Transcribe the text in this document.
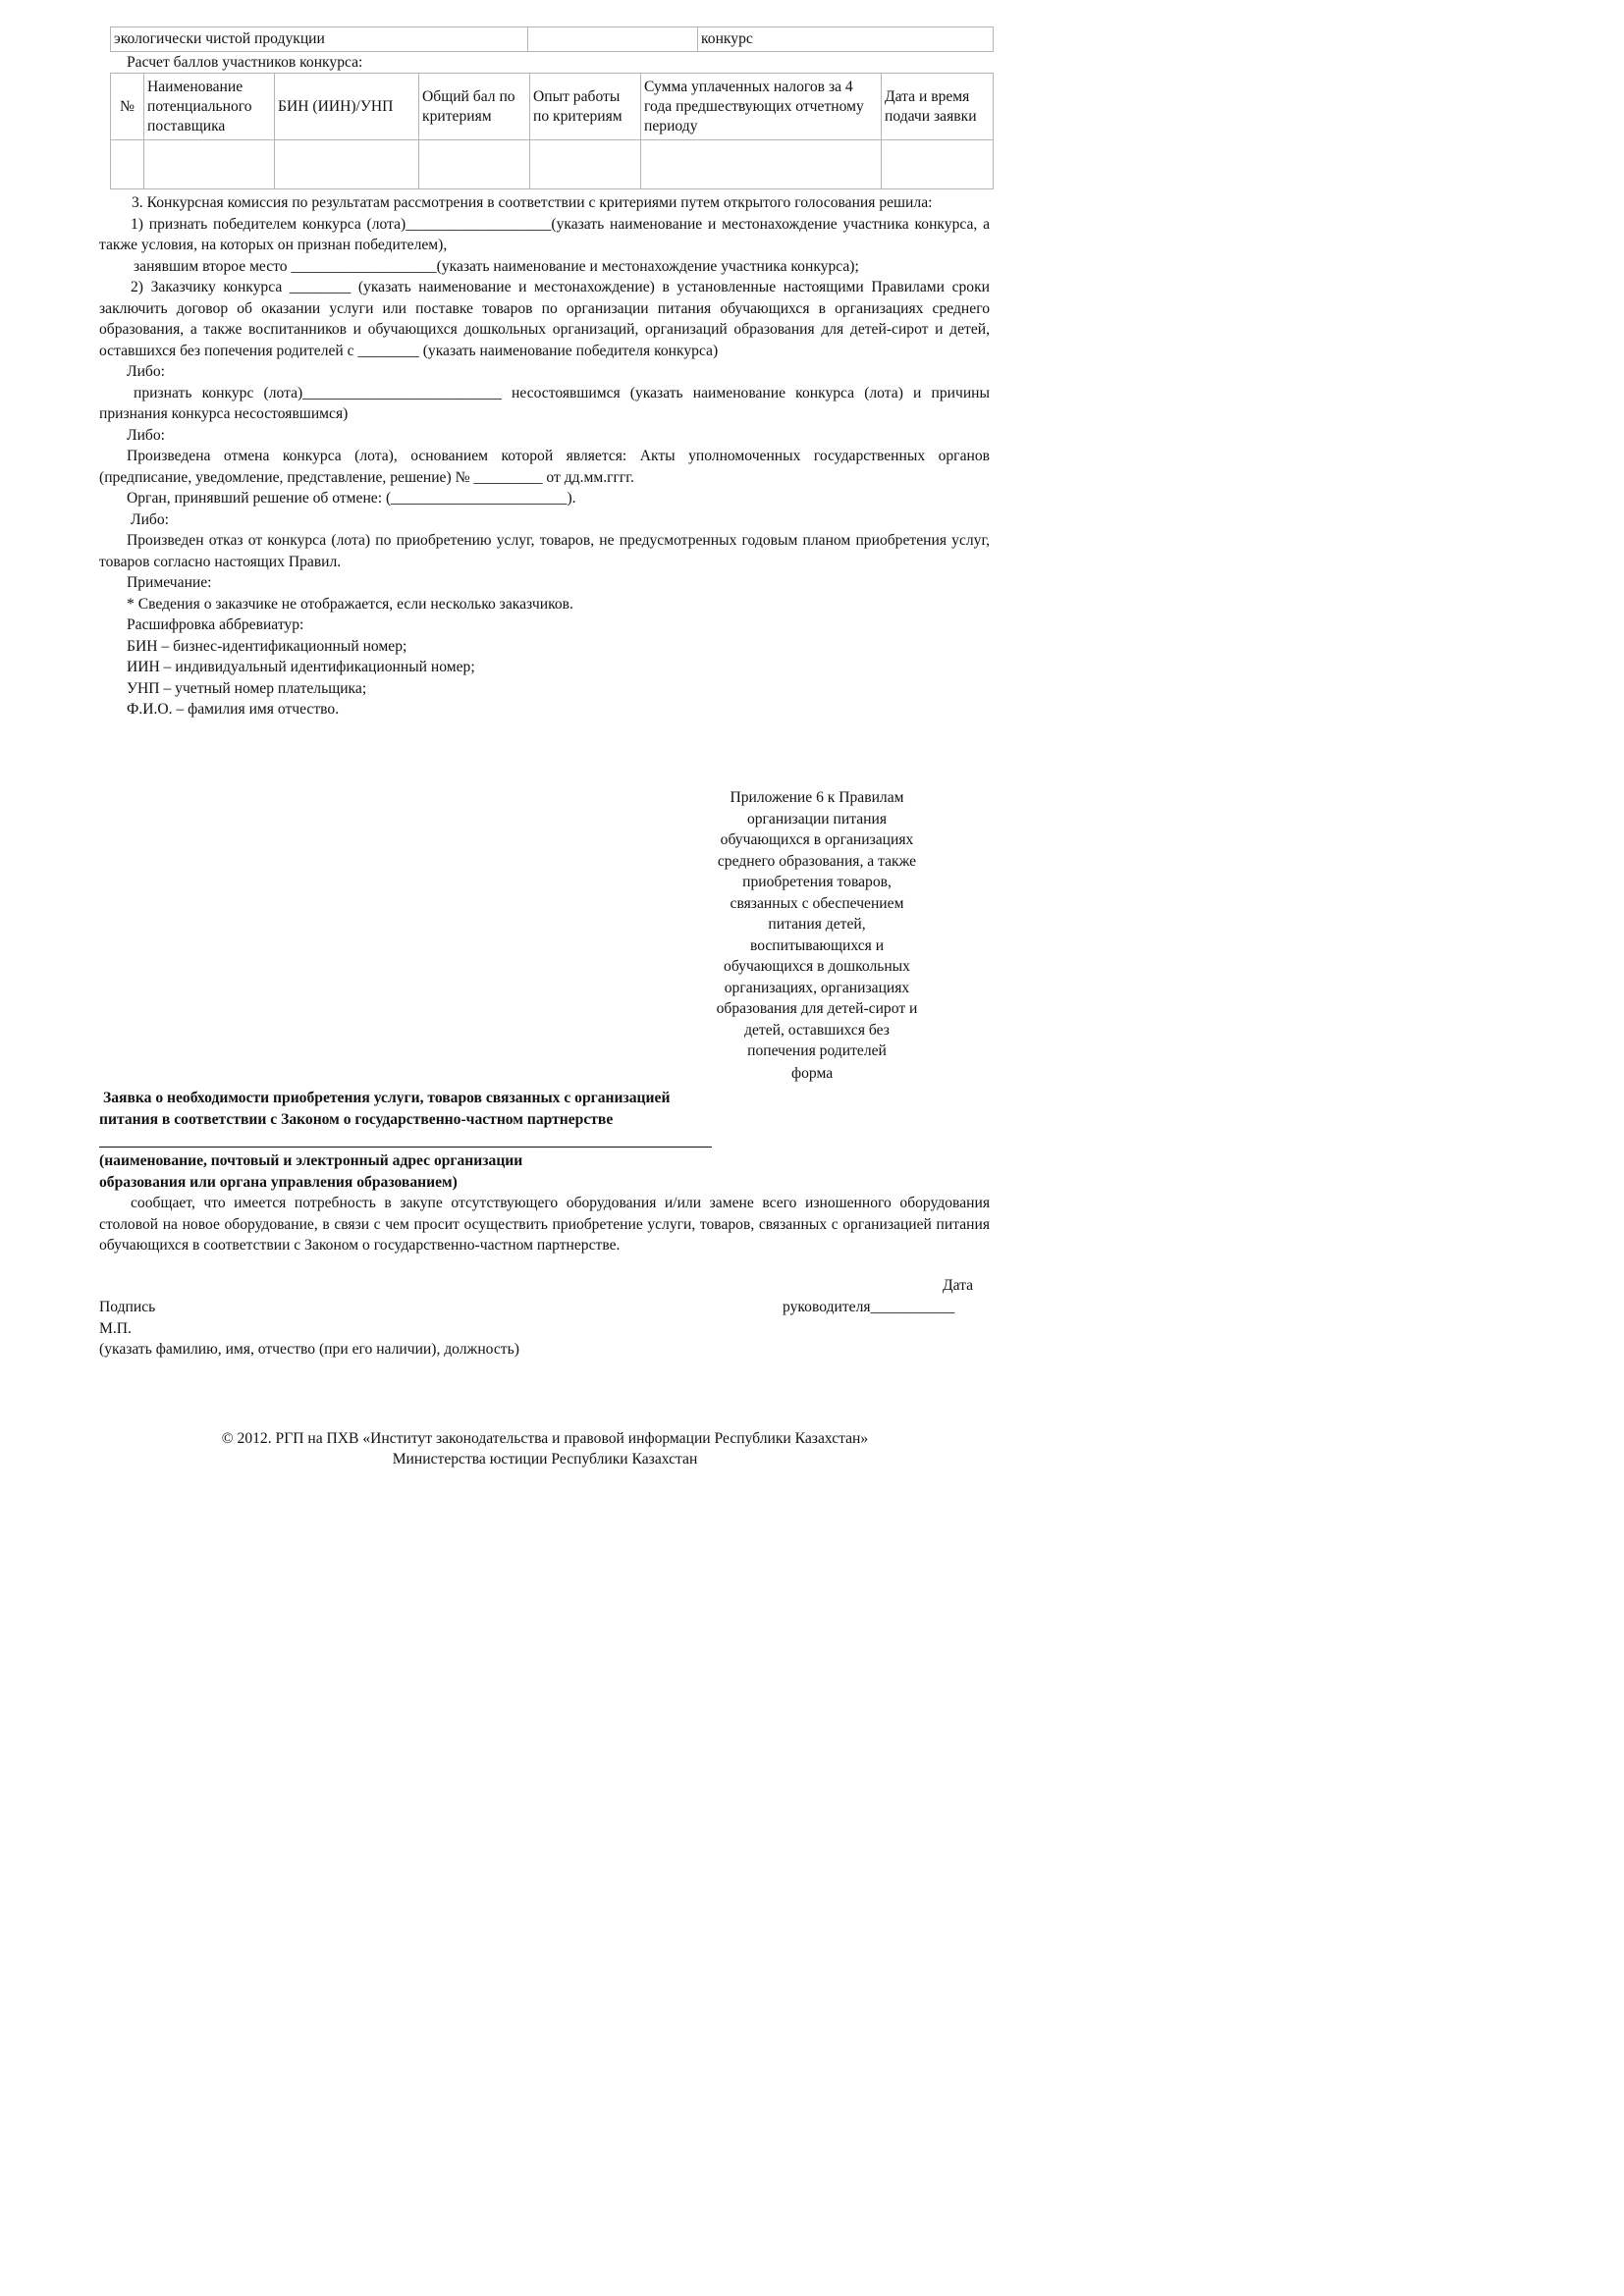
экологически чистой продукции		конкурс
Расчет баллов участников конкурса:
№	Наименование потенциального поставщика	БИН (ИИН)/УНП	Общий бал по критериям	Опыт работы по критериям	Сумма уплаченных налогов за 4 года предшествующих отчетному периоду	Дата и время подачи заявки

3. Конкурсная комиссия по результатам рассмотрения в соответствии с критериями путем открытого голосования решила:

1) признать победителем конкурса (лота)___________________(указать наименование и местонахождение участника конкурса, а также условия, на которых он признан победителем),

занявшим второе место ___________________(указать наименование и местонахождение участника конкурса);

2) Заказчику конкурса ________ (указать наименование и местонахождение) в установленные настоящими Правилами сроки заключить договор об оказании услуги или поставке товаров по организации питания обучающихся в организациях среднего образования, а также воспитанников и обучающихся дошкольных организаций, организаций образования для детей-сирот и детей, оставшихся без попечения родителей с ________ (указать наименование победителя конкурса)

Либо:

признать конкурс (лота)__________________________ несостоявшимся (указать наименование конкурса (лота) и причины признания конкурса несостоявшимся)

Либо:

Произведена отмена конкурса (лота), основанием которой является: Акты уполномоченных государственных органов (предписание, уведомление, представление, решение) № _________ от дд.мм.гггг.

Орган, принявший решение об отмене: (_______________________).

Либо:

Произведен отказ от конкурса (лота) по приобретению услуг, товаров, не предусмотренных годовым планом приобретения услуг, товаров согласно настоящих Правил.

Примечание:

* Сведения о заказчике не отображается, если несколько заказчиков.

Расшифровка аббревиатур:

БИН – бизнес-идентификационный номер;

ИИН – индивидуальный идентификационный номер;

УНП – учетный номер плательщика;

Ф.И.О. – фамилия имя отчество.

Приложение 6 к Правилам
организации питания
обучающихся в организациях
среднего образования, а также
приобретения товаров,
связанных с обеспечением
питания детей,
воспитывающихся и
обучающихся в дошкольных
организациях, организациях
образования для детей-сирот и
детей, оставшихся без
попечения родителей
форма
Заявка о необходимости приобретения услуги, товаров связанных с организацией
питания в соответствии с Законом о государственно-частном партнерстве
(наименование, почтовый и электронный адрес организации
образования или органа управления образованием)

сообщает, что имеется потребность в закупе отсутствующего оборудования и/или замене всего изношенного оборудования столовой на новое оборудование, в связи с чем просит осуществить приобретение услуги, товаров, связанных с организацией питания обучающихся в соответствии с Законом о государственно-частном партнерстве.

Дата
Подпись	руководителя___________
М.П.
(указать фамилию, имя, отчество (при его наличии), должность)
© 2012. РГП на ПХВ «Институт законодательства и правовой информации Республики Казахстан»
Министерства юстиции Республики Казахстан
